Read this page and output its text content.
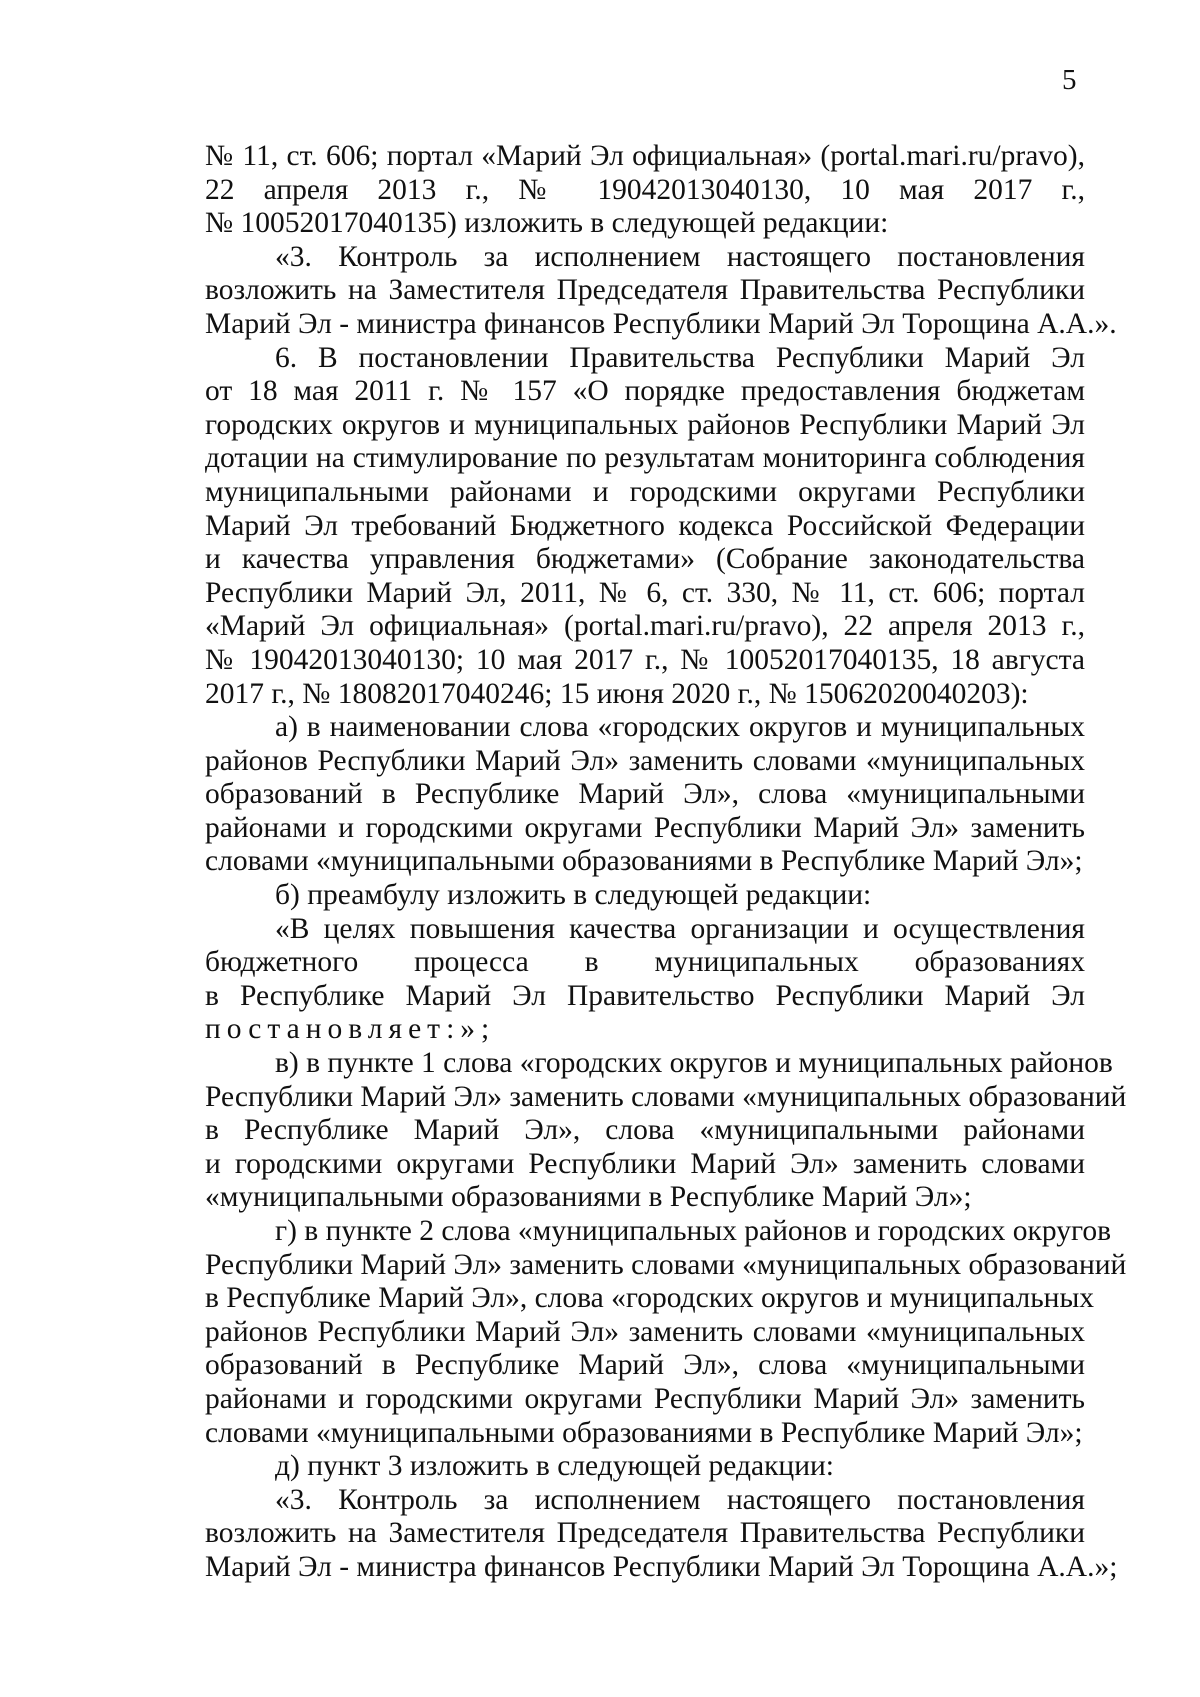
5
№ 11, ст. 606; портал «Марий Эл официальная» (portal.mari.ru/pravo),
22 апреля 2013 г., № 19042013040130, 10 мая 2017 г.,
№ 10052017040135) изложить в следующей редакции:
«3. Контроль за исполнением настоящего постановления
возложить на Заместителя Председателя Правительства Республики
Марий Эл - министра финансов Республики Марий Эл Торощина А.А.».
6. В постановлении Правительства Республики Марий Эл
от 18 мая 2011 г. № 157 «О порядке предоставления бюджетам
городских округов и муниципальных районов Республики Марий Эл
дотации на стимулирование по результатам мониторинга соблюдения
муниципальными районами и городскими округами Республики
Марий Эл требований Бюджетного кодекса Российской Федерации
и качества управления бюджетами» (Собрание законодательства
Республики Марий Эл, 2011, № 6, ст. 330, № 11, ст. 606; портал
«Марий Эл официальная» (portal.mari.ru/pravo), 22 апреля 2013 г.,
№ 19042013040130; 10 мая 2017 г., № 10052017040135, 18 августа
2017 г., № 18082017040246; 15 июня 2020 г., № 15062020040203):
а) в наименовании слова «городских округов и муниципальных
районов Республики Марий Эл» заменить словами «муниципальных
образований в Республике Марий Эл», слова «муниципальными
районами и городскими округами Республики Марий Эл» заменить
словами «муниципальными образованиями в Республике Марий Эл»;
б) преамбулу изложить в следующей редакции:
«В целях повышения качества организации и осуществления
бюджетного процесса в муниципальных образованиях
в Республике Марий Эл Правительство Республики Марий Эл
постановляет:»;
в) в пункте 1 слова «городских округов и муниципальных районов
Республики Марий Эл» заменить словами «муниципальных образований
в Республике Марий Эл», слова «муниципальными районами
и городскими округами Республики Марий Эл» заменить словами
«муниципальными образованиями в Республике Марий Эл»;
г) в пункте 2 слова «муниципальных районов и городских округов
Республики Марий Эл» заменить словами «муниципальных образований
в Республике Марий Эл», слова «городских округов и муниципальных
районов Республики Марий Эл» заменить словами «муниципальных
образований в Республике Марий Эл», слова «муниципальными
районами и городскими округами Республики Марий Эл» заменить
словами «муниципальными образованиями в Республике Марий Эл»;
д) пункт 3 изложить в следующей редакции:
«3. Контроль за исполнением настоящего постановления
возложить на Заместителя Председателя Правительства Республики
Марий Эл - министра финансов Республики Марий Эл Торощина А.А.»;
